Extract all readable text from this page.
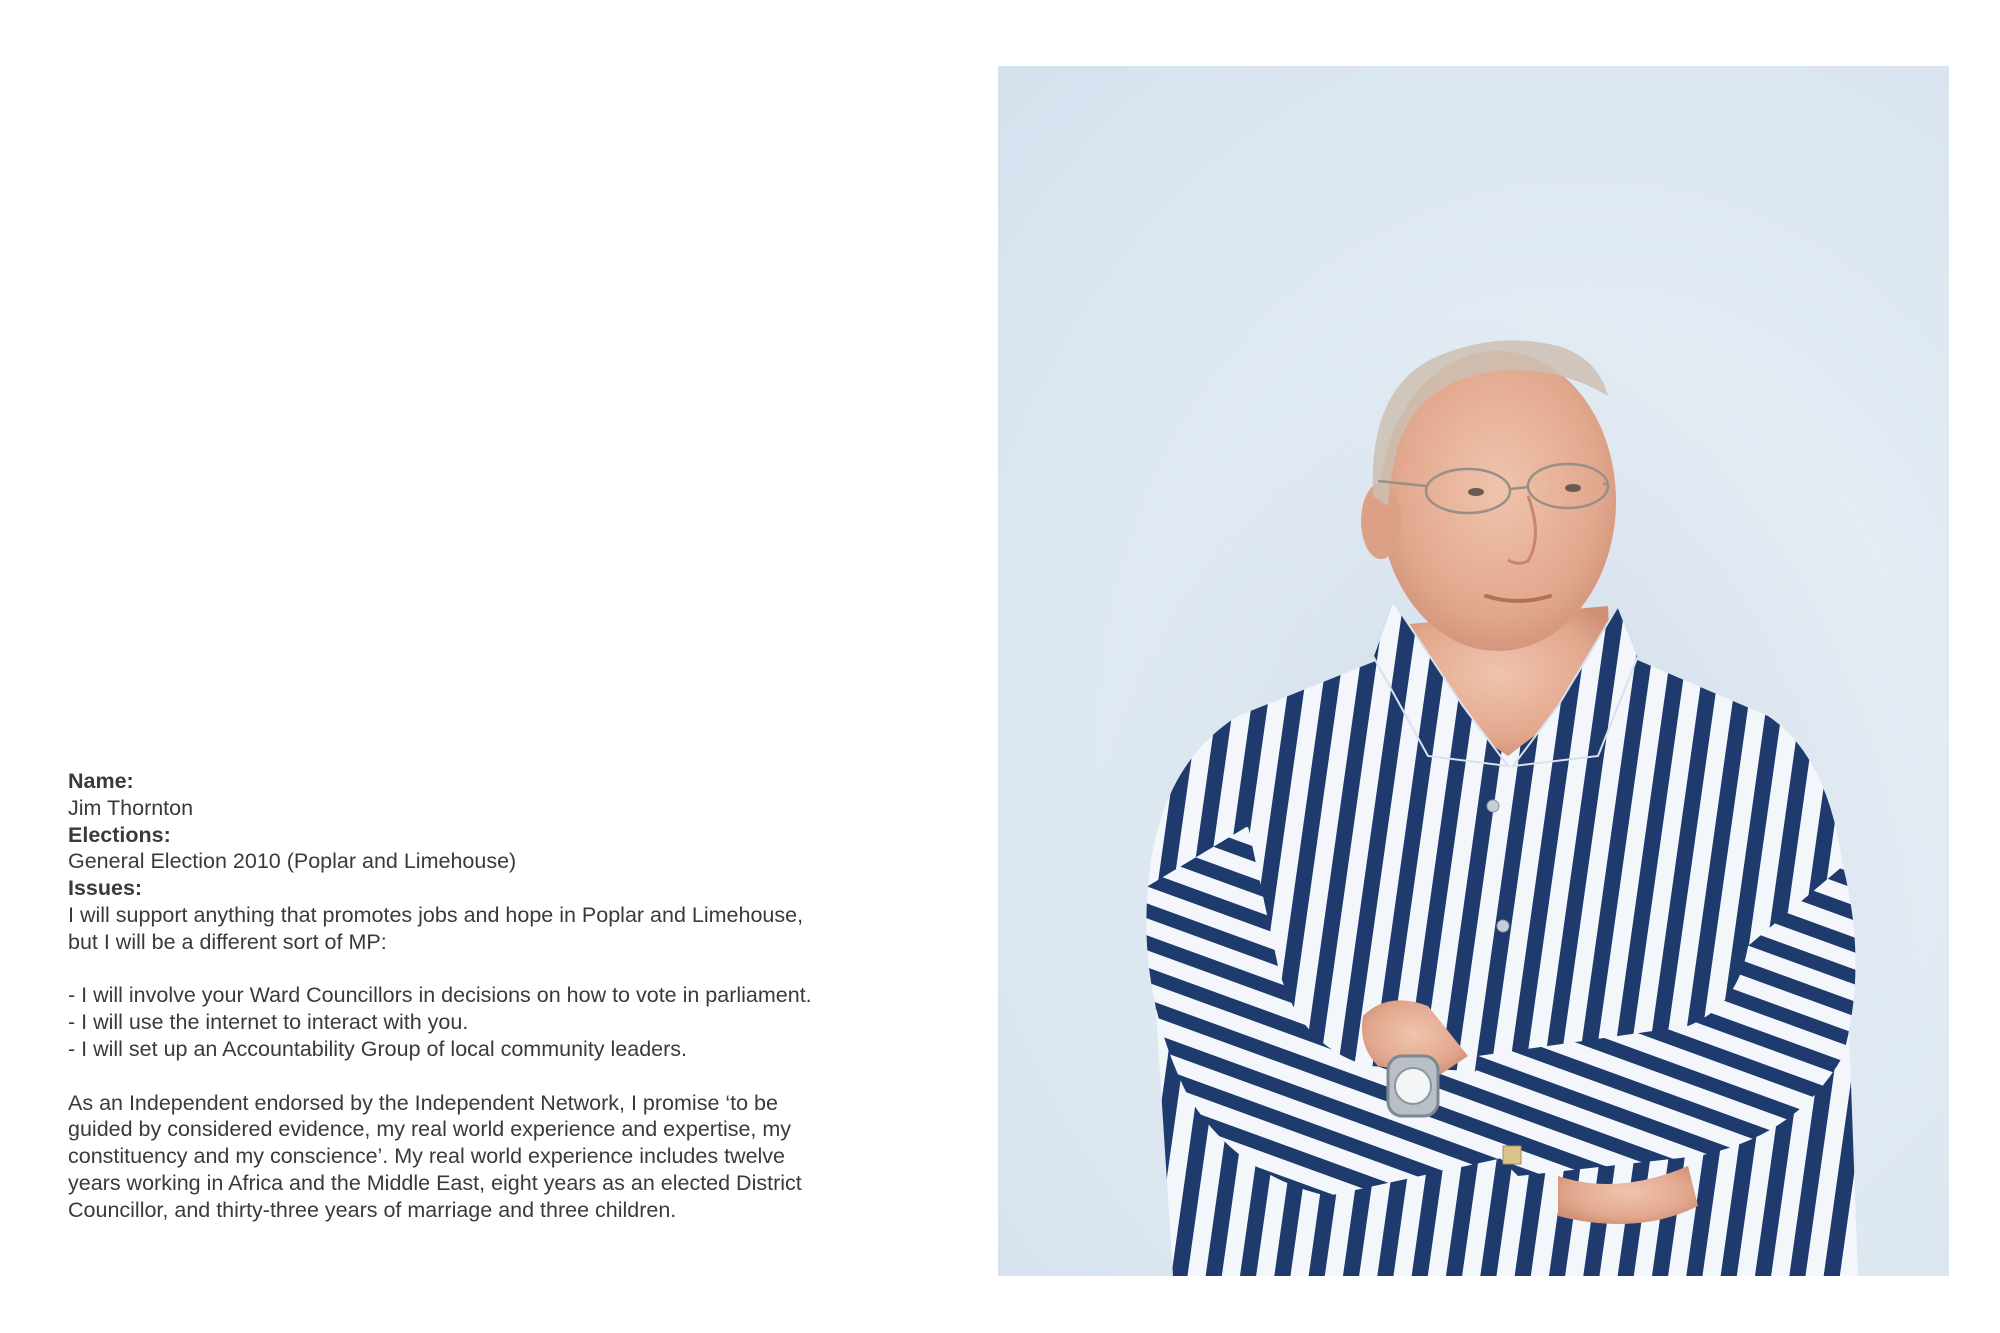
Name:
Jim Thornton
Elections:
General Election 2010 (Poplar and Limehouse)
Issues:

I will support anything that promotes jobs and hope in Poplar and Limehouse, but I will be a different sort of MP:

- I will involve your Ward Councillors in decisions on how to vote in parliament.

- I will use the internet to interact with you.

- I will set up an Accountability Group of local community leaders.

As an Independent endorsed by the Independent Network, I promise ‘to be guided by considered evidence, my real world experience and expertise, my constituency and my conscience’. My real world experience includes twelve years working in Africa and the Middle East, eight years as an elected District Councillor, and thirty-three years of marriage and three children.
